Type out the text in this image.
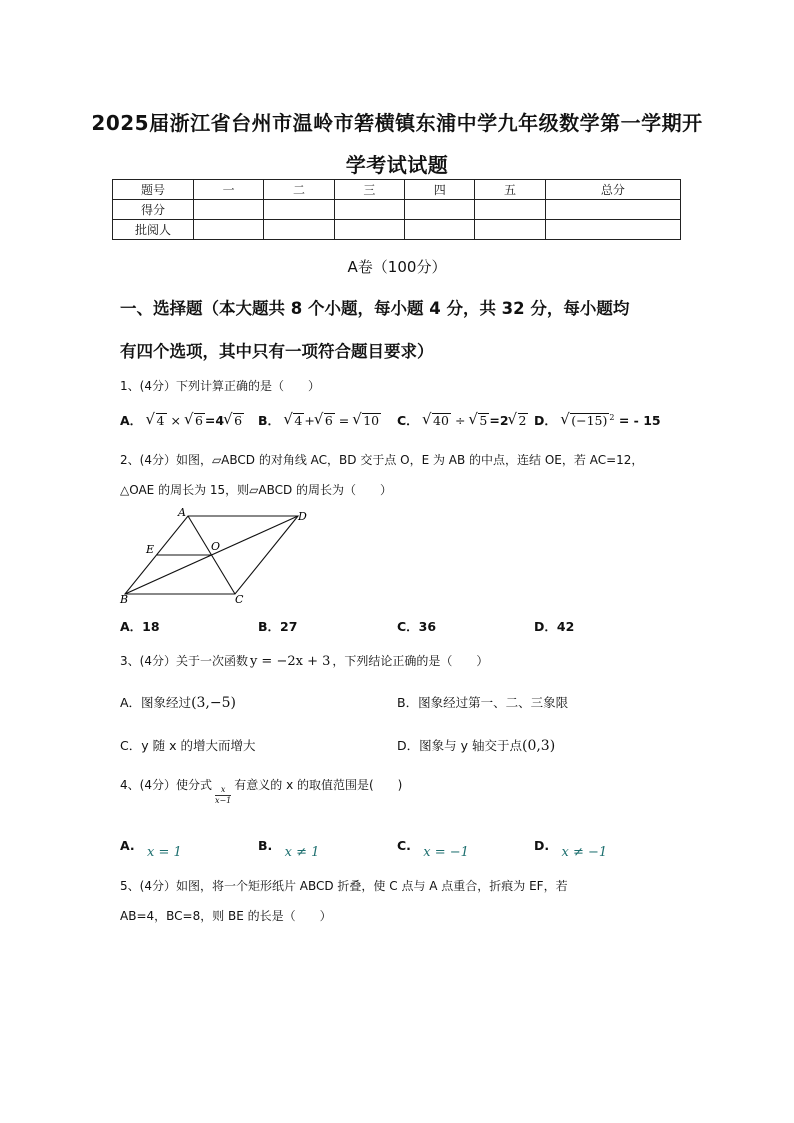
2025届浙江省台州市温岭市箬横镇东浦中学九年级数学第一学期开
学考试试题
题号	一	二	三	四	五	总分
得分						
批阅人						
A卷（100分）
一、选择题（本大题共 8 个小题，每小题 4 分，共 32 分，每小题均
有四个选项，其中只有一项符合题目要求）
1、(4分）下列计算正确的是（　　）
A． √ 4 × √ 6 =4 √ 6 B． √ 4 + √ 6 = √ 10 C． √ 40 ÷ √ 5 =2 √ 2 D． √ (−15) $^2$ = - 15
2、(4分）如图，▱ABCD 的对角线 AC，BD 交于点 O，E 为 AB 的中点，连结 OE，若 AC=12，
△OAE 的周长为 15，则▱ABCD 的周长为（　　）
A	D
E	O
B	C
A．18	B．27	C．36	D．42
3、(4分）关于一次函数 y = −2x + 3 ，下列结论正确的是（　　）
A．图象经过(3,−5)	B．图象经过第一、二、三象限
C．y 随 x 的增大而增大	D．图象与 y 轴交于点(0,3)
4、(4分）使分式 $\frac{x}{x-1}$ 有意义的 x 的取值范围是(　　)
A. x = 1	B. x ≠ 1	C. x = −1	D. x ≠ −1
5、(4分）如图，将一个矩形纸片 ABCD 折叠，使 C 点与 A 点重合，折痕为 EF，若
AB=4，BC=8，则 BE 的长是（　　）
